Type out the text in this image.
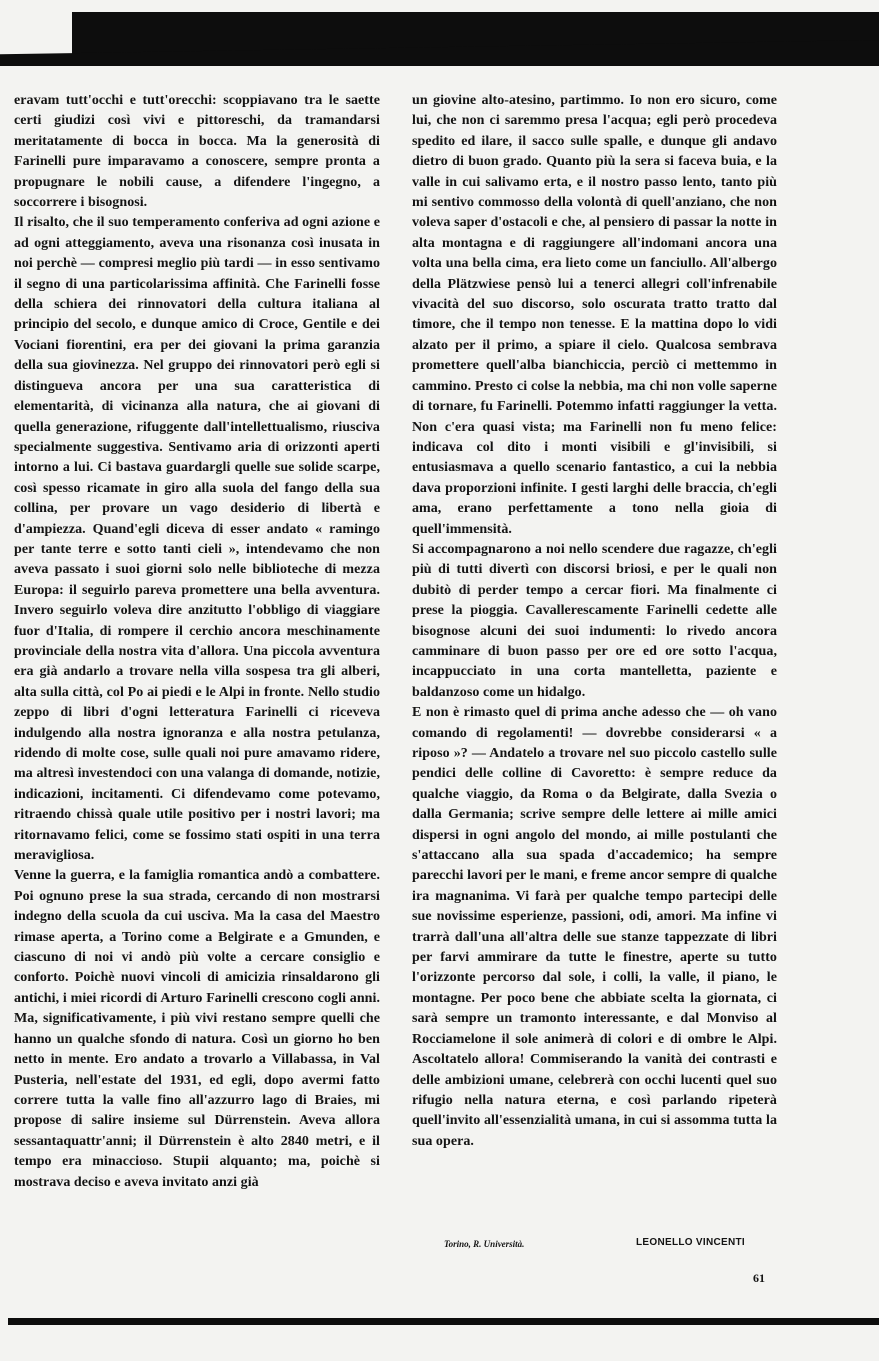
eravam tutt'occhi e tutt'orecchi: scoppiavano tra le saette certi giudizi così vivi e pittoreschi, da tramandarsi meritatamente di bocca in bocca. Ma la generosità di Farinelli pure imparavamo a conoscere, sempre pronta a propugnare le nobili cause, a difendere l'ingegno, a soccorrere i bisognosi.

Il risalto, che il suo temperamento conferiva ad ogni azione e ad ogni atteggiamento, aveva una risonanza così inusata in noi perchè — compresi meglio più tardi — in esso sentivamo il segno di una particolarissima affinità. Che Farinelli fosse della schiera dei rinnovatori della cultura italiana al principio del secolo, e dunque amico di Croce, Gentile e dei Vociani fiorentini, era per dei giovani la prima garanzia della sua giovinezza. Nel gruppo dei rinnovatori però egli si distingueva ancora per una sua caratteristica di elementarità, di vicinanza alla natura, che ai giovani di quella generazione, rifuggente dall'intellettualismo, riusciva specialmente suggestiva. Sentivamo aria di orizzonti aperti intorno a lui. Ci bastava guardargli quelle sue solide scarpe, così spesso ricamate in giro alla suola del fango della sua collina, per provare un vago desiderio di libertà e d'ampiezza. Quand'egli diceva di esser andato « ramingo per tante terre e sotto tanti cieli », intendevamo che non aveva passato i suoi giorni solo nelle biblioteche di mezza Europa: il seguirlo pareva promettere una bella avventura. Invero seguirlo voleva dire anzitutto l'obbligo di viaggiare fuor d'Italia, di rompere il cerchio ancora meschinamente provinciale della nostra vita d'allora. Una piccola avventura era già andarlo a trovare nella villa sospesa tra gli alberi, alta sulla città, col Po ai piedi e le Alpi in fronte. Nello studio zeppo di libri d'ogni letteratura Farinelli ci riceveva indulgendo alla nostra ignoranza e alla nostra petulanza, ridendo di molte cose, sulle quali noi pure amavamo ridere, ma altresì investendoci con una valanga di domande, notizie, indicazioni, incitamenti. Ci difendevamo come potevamo, ritraendo chissà quale utile positivo per i nostri lavori; ma ritornavamo felici, come se fossimo stati ospiti in una terra meravigliosa.

Venne la guerra, e la famiglia romantica andò a combattere. Poi ognuno prese la sua strada, cercando di non mostrarsi indegno della scuola da cui usciva. Ma la casa del Maestro rimase aperta, a Torino come a Belgirate e a Gmunden, e ciascuno di noi vi andò più volte a cercare consiglio e conforto. Poichè nuovi vincoli di amicizia rinsaldarono gli antichi, i miei ricordi di Arturo Farinelli crescono cogli anni. Ma, significativamente, i più vivi restano sempre quelli che hanno un qualche sfondo di natura. Così un giorno ho ben netto in mente. Ero andato a trovarlo a Villabassa, in Val Pusteria, nell'estate del 1931, ed egli, dopo avermi fatto correre tutta la valle fino all'azzurro lago di Braies, mi propose di salire insieme sul Dürrenstein. Aveva allora sessantaquattr'anni; il Dürrenstein è alto 2840 metri, e il tempo era minaccioso. Stupii alquanto; ma, poichè si mostrava deciso e aveva invitato anzi già

un giovine alto-atesino, partimmo. Io non ero sicuro, come lui, che non ci saremmo presa l'acqua; egli però procedeva spedito ed ilare, il sacco sulle spalle, e dunque gli andavo dietro di buon grado. Quanto più la sera si faceva buia, e la valle in cui salivamo erta, e il nostro passo lento, tanto più mi sentivo commosso della volontà di quell'anziano, che non voleva saper d'ostacoli e che, al pensiero di passar la notte in alta montagna e di raggiungere all'indomani ancora una volta una bella cima, era lieto come un fanciullo. All'albergo della Plätzwiese pensò lui a tenerci allegri coll'infrenabile vivacità del suo discorso, solo oscurata tratto tratto dal timore, che il tempo non tenesse. E la mattina dopo lo vidi alzato per il primo, a spiare il cielo. Qualcosa sembrava promettere quell'alba bianchiccia, perciò ci mettemmo in cammino. Presto ci colse la nebbia, ma chi non volle saperne di tornare, fu Farinelli. Potemmo infatti raggiunger la vetta. Non c'era quasi vista; ma Farinelli non fu meno felice: indicava col dito i monti visibili e gl'invisibili, si entusiasmava a quello scenario fantastico, a cui la nebbia dava proporzioni infinite. I gesti larghi delle braccia, ch'egli ama, erano perfettamente a tono nella gioia di quell'immensità.

Si accompagnarono a noi nello scendere due ragazze, ch'egli più di tutti divertì con discorsi briosi, e per le quali non dubitò di perder tempo a cercar fiori. Ma finalmente ci prese la pioggia. Cavallerescamente Farinelli cedette alle bisognose alcuni dei suoi indumenti: lo rivedo ancora camminare di buon passo per ore ed ore sotto l'acqua, incappucciato in una corta mantelletta, paziente e baldanzoso come un hidalgo.

E non è rimasto quel di prima anche adesso che — oh vano comando di regolamenti! — dovrebbe considerarsi « a riposo »? — Andatelo a trovare nel suo piccolo castello sulle pendici delle colline di Cavoretto: è sempre reduce da qualche viaggio, da Roma o da Belgirate, dalla Svezia o dalla Germania; scrive sempre delle lettere ai mille amici dispersi in ogni angolo del mondo, ai mille postulanti che s'attaccano alla sua spada d'accademico; ha sempre parecchi lavori per le mani, e freme ancor sempre di qualche ira magnanima. Vi farà per qualche tempo partecipi delle sue novissime esperienze, passioni, odi, amori. Ma infine vi trarrà dall'una all'altra delle sue stanze tappezzate di libri per farvi ammirare da tutte le finestre, aperte su tutto l'orizzonte percorso dal sole, i colli, la valle, il piano, le montagne. Per poco bene che abbiate scelta la giornata, ci sarà sempre un tramonto interessante, e dal Monviso al Rocciamelone il sole animerà di colori e di ombre le Alpi. Ascoltatelo allora! Commiserando la vanità dei contrasti e delle ambizioni umane, celebrerà con occhi lucenti quel suo rifugio nella natura eterna, e così parlando ripeterà quell'invito all'essenzialità umana, in cui si assomma tutta la sua opera.

Torino, R. Università.	LEONELLO VINCENTI
61
